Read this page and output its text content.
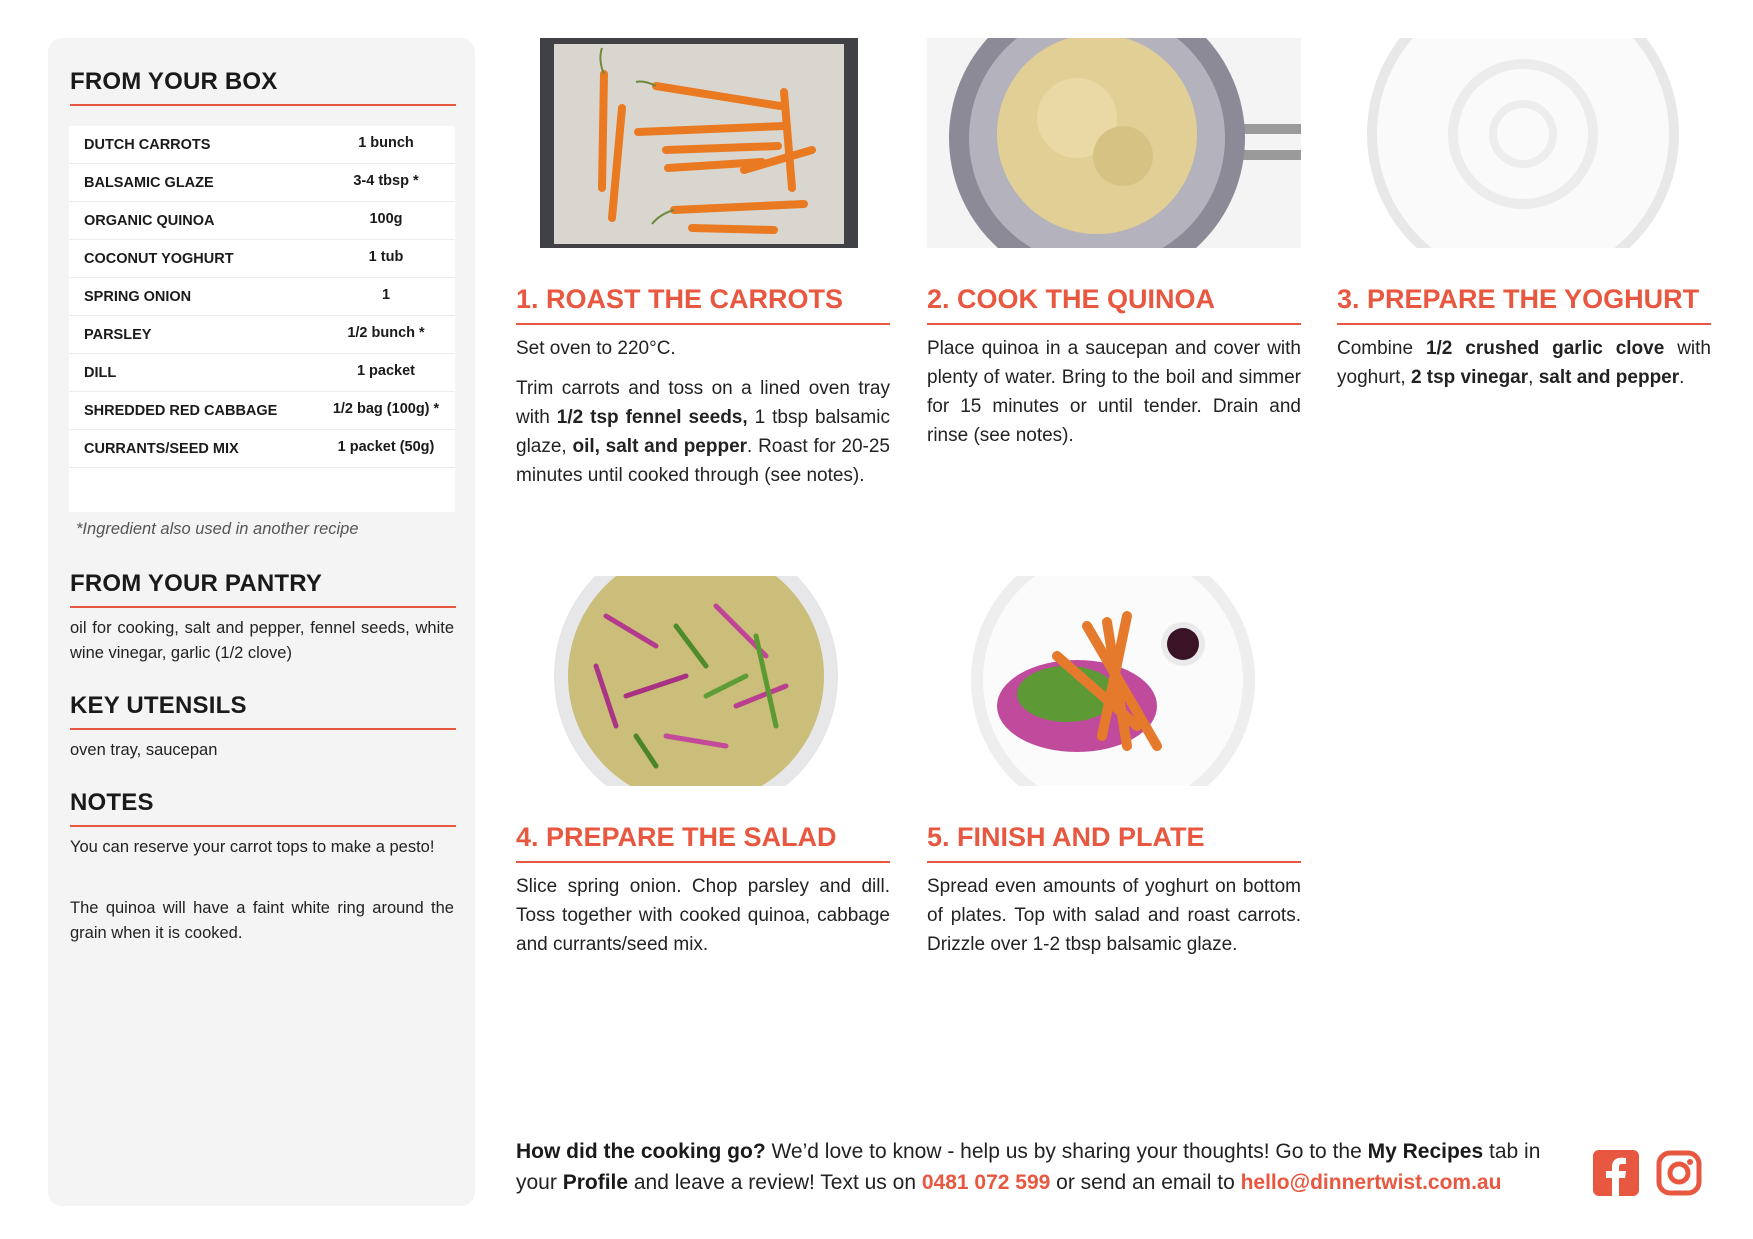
FROM YOUR BOX
DUTCH CARROTS	1 bunch
BALSAMIC GLAZE	3-4 tbsp *
ORGANIC QUINOA	100g
COCONUT YOGHURT	1 tub
SPRING ONION	1
PARSLEY	1/2 bunch *
DILL	1 packet
SHREDDED RED CABBAGE	1/2 bag (100g) *
CURRANTS/SEED MIX	1 packet (50g)
*Ingredient also used in another recipe
FROM YOUR PANTRY

oil for cooking, salt and pepper, fennel seeds, white wine vinegar, garlic (1/2 clove)

KEY UTENSILS

oven tray, saucepan

NOTES

You can reserve your carrot tops to make a pesto!

The quinoa will have a faint white ring around the grain when it is cooked.

1. ROAST THE CARROTS

Set oven to 220°C.

Trim carrots and toss on a lined oven tray with 1/2 tsp fennel seeds, 1 tbsp balsamic glaze, oil, salt and pepper. Roast for 20-25 minutes until cooked through (see notes).

2. COOK THE QUINOA

Place quinoa in a saucepan and cover with plenty of water. Bring to the boil and simmer for 15 minutes or until tender. Drain and rinse (see notes).

3. PREPARE THE YOGHURT

Combine 1/2 crushed garlic clove with yoghurt, 2 tsp vinegar, salt and pepper.

4. PREPARE THE SALAD

Slice spring onion. Chop parsley and dill. Toss together with cooked quinoa, cabbage and currants/seed mix.

5. FINISH AND PLATE

Spread even amounts of yoghurt on bottom of plates. Top with salad and roast carrots. Drizzle over 1-2 tbsp balsamic glaze.

How did the cooking go? We’d love to know - help us by sharing your thoughts! Go to the My Recipes tab in your Profile and leave a review! Text us on 0481 072 599 or send an email to hello@dinnertwist.com.au
